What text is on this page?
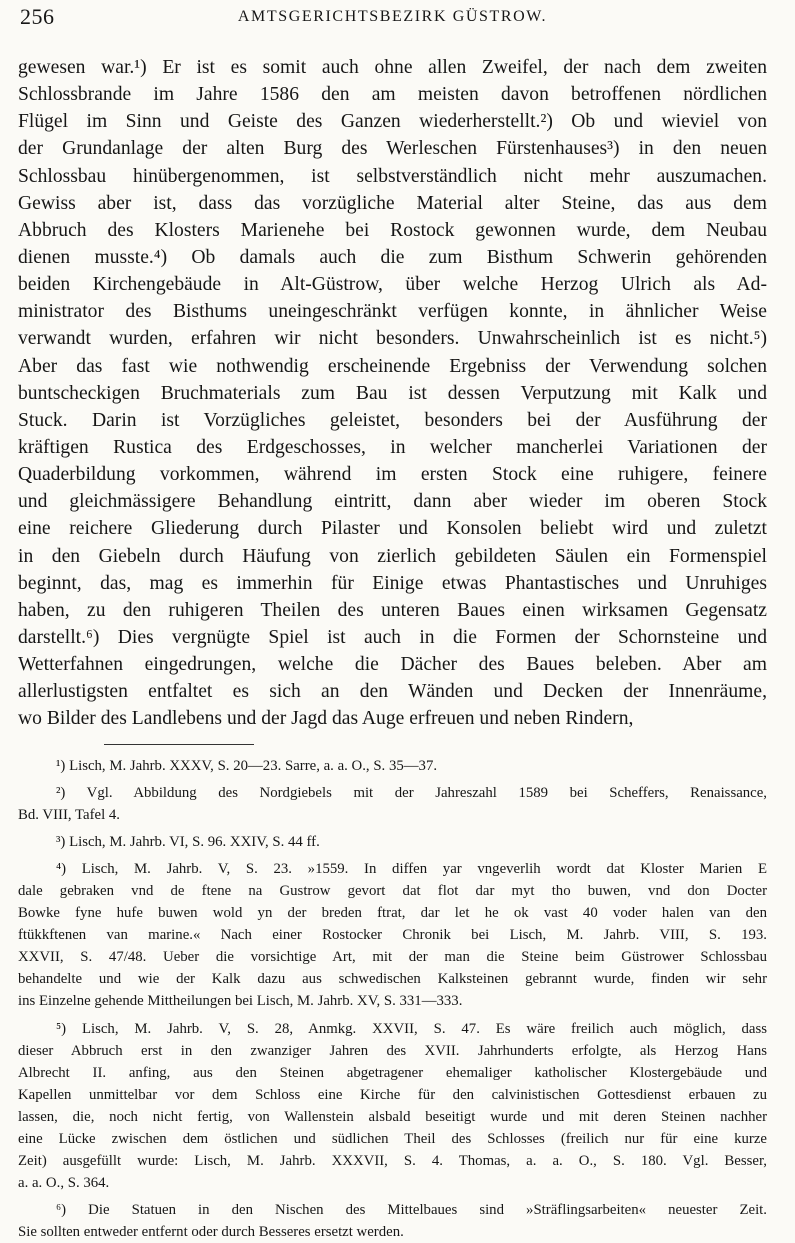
256	AMTSGERICHTSBEZIRK GÜSTROW.
gewesen war.¹) Er ist es somit auch ohne allen Zweifel, der nach dem zweiten
Schlossbrande im Jahre 1586 den am meisten davon betroffenen nördlichen
Flügel im Sinn und Geiste des Ganzen wiederherstellt.²) Ob und wieviel von
der Grundanlage der alten Burg des Werleschen Fürstenhauses³) in den neuen
Schlossbau hinübergenommen, ist selbstverständlich nicht mehr auszumachen.
Gewiss aber ist, dass das vorzügliche Material alter Steine, das aus dem
Abbruch des Klosters Marienehe bei Rostock gewonnen wurde, dem Neubau
dienen musste.⁴) Ob damals auch die zum Bisthum Schwerin gehörenden
beiden Kirchengebäude in Alt-Güstrow, über welche Herzog Ulrich als Ad-
ministrator des Bisthums uneingeschränkt verfügen konnte, in ähnlicher Weise
verwandt wurden, erfahren wir nicht besonders. Unwahrscheinlich ist es nicht.⁵)
Aber das fast wie nothwendig erscheinende Ergebniss der Verwendung solchen
buntscheckigen Bruchmaterials zum Bau ist dessen Verputzung mit Kalk und
Stuck. Darin ist Vorzügliches geleistet, besonders bei der Ausführung der
kräftigen Rustica des Erdgeschosses, in welcher mancherlei Variationen der
Quaderbildung vorkommen, während im ersten Stock eine ruhigere, feinere
und gleichmässigere Behandlung eintritt, dann aber wieder im oberen Stock
eine reichere Gliederung durch Pilaster und Konsolen beliebt wird und zuletzt
in den Giebeln durch Häufung von zierlich gebildeten Säulen ein Formenspiel
beginnt, das, mag es immerhin für Einige etwas Phantastisches und Unruhiges
haben, zu den ruhigeren Theilen des unteren Baues einen wirksamen Gegensatz
darstellt.⁶) Dies vergnügte Spiel ist auch in die Formen der Schornsteine und
Wetterfahnen eingedrungen, welche die Dächer des Baues beleben. Aber am
allerlustigsten entfaltet es sich an den Wänden und Decken der Innenräume,
wo Bilder des Landlebens und der Jagd das Auge erfreuen und neben Rindern,
¹) Lisch, M. Jahrb. XXXV, S. 20—23. Sarre, a. a. O., S. 35—37.
²) Vgl. Abbildung des Nordgiebels mit der Jahreszahl 1589 bei Scheffers, Renaissance,
Bd. VIII, Tafel 4.
³) Lisch, M. Jahrb. VI, S. 96. XXIV, S. 44 ff.
⁴) Lisch, M. Jahrb. V, S. 23. »1559. In diffen yar vngeverlih wordt dat Kloster Marien E
dale gebraken vnd de ftene na Gustrow gevort dat flot dar myt tho buwen, vnd don Docter
Bowke fyne hufe buwen wold yn der breden ftrat, dar let he ok vast 40 voder halen van den
ftükkftenen van marine.« Nach einer Rostocker Chronik bei Lisch, M. Jahrb. VIII, S. 193.
XXVII, S. 47/48. Ueber die vorsichtige Art, mit der man die Steine beim Güstrower Schlossbau
behandelte und wie der Kalk dazu aus schwedischen Kalksteinen gebrannt wurde, finden wir sehr
ins Einzelne gehende Mittheilungen bei Lisch, M. Jahrb. XV, S. 331—333.
⁵) Lisch, M. Jahrb. V, S. 28, Anmkg. XXVII, S. 47. Es wäre freilich auch möglich, dass
dieser Abbruch erst in den zwanziger Jahren des XVII. Jahrhunderts erfolgte, als Herzog Hans
Albrecht II. anfing, aus den Steinen abgetragener ehemaliger katholischer Klostergebäude und
Kapellen unmittelbar vor dem Schloss eine Kirche für den calvinistischen Gottesdienst erbauen zu
lassen, die, noch nicht fertig, von Wallenstein alsbald beseitigt wurde und mit deren Steinen nachher
eine Lücke zwischen dem östlichen und südlichen Theil des Schlosses (freilich nur für eine kurze
Zeit) ausgefüllt wurde: Lisch, M. Jahrb. XXXVII, S. 4. Thomas, a. a. O., S. 180. Vgl. Besser,
a. a. O., S. 364.
⁶) Die Statuen in den Nischen des Mittelbaues sind »Sträflingsarbeiten« neuester Zeit.
Sie sollten entweder entfernt oder durch Besseres ersetzt werden.
